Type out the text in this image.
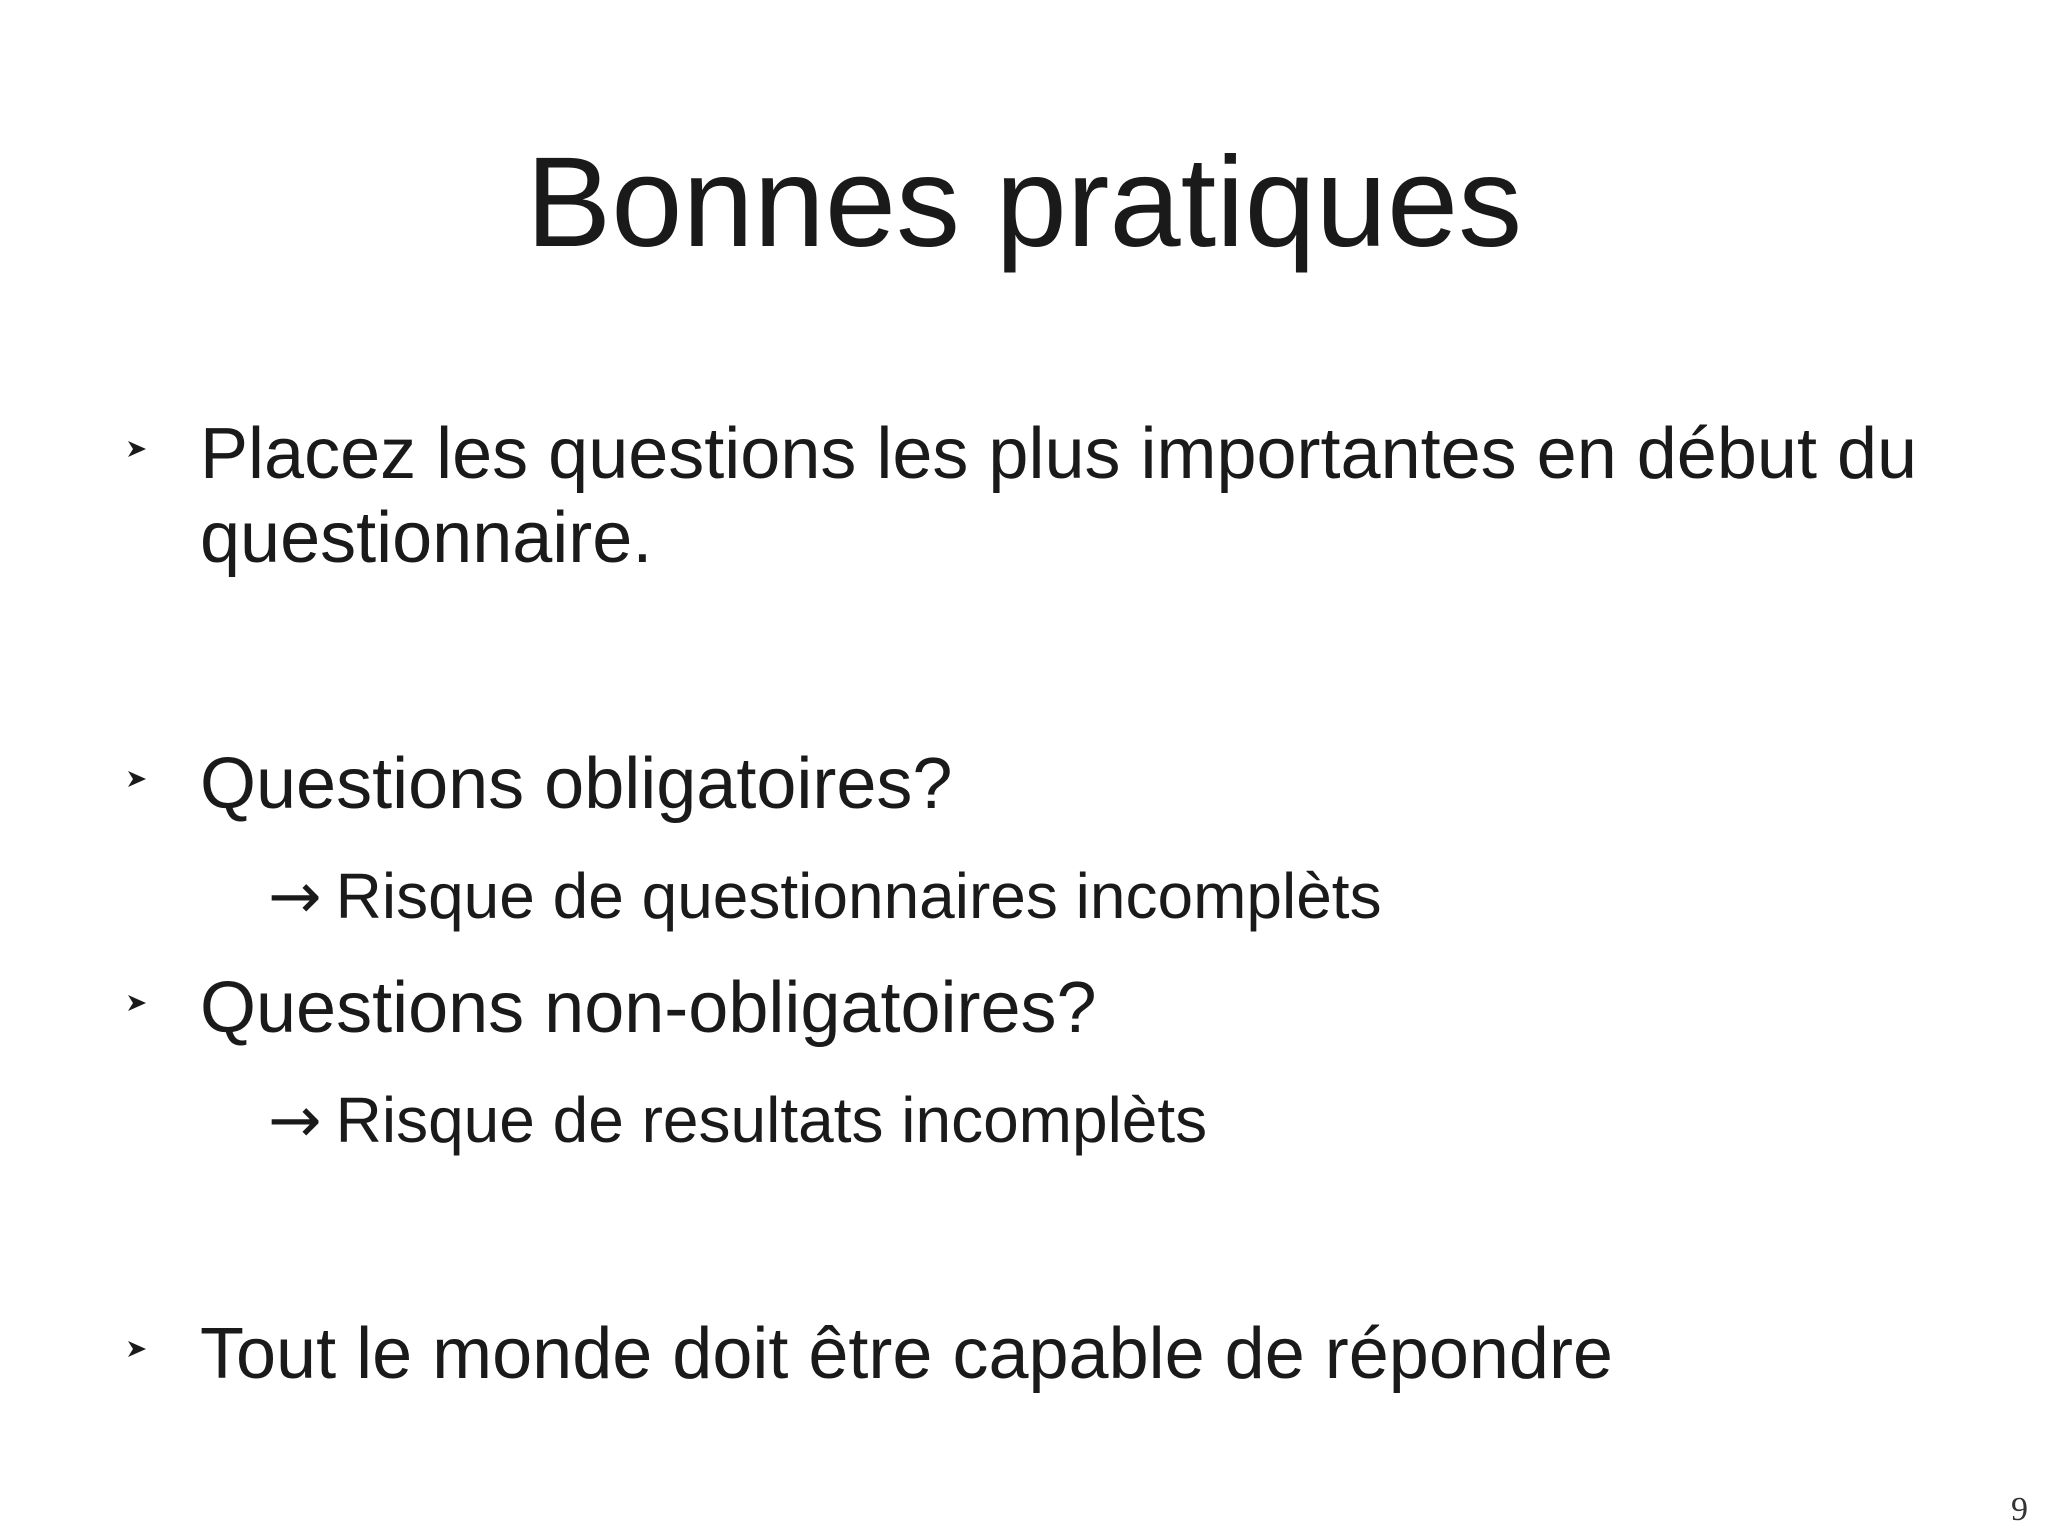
Bonnes pratiques
Placez les questions les plus importantes en début du questionnaire.
Questions obligatoires?
→ Risque de questionnaires incomplèts
Questions non-obligatoires?
→ Risque de resultats incomplèts
Tout le monde doit être capable de répondre
9
